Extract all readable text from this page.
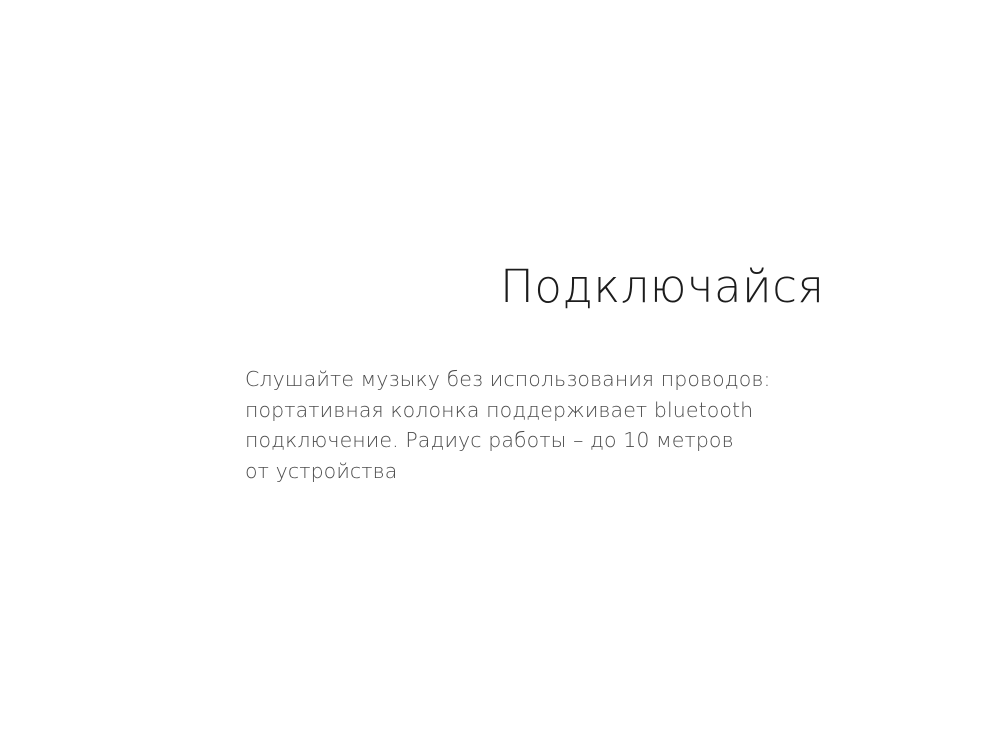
Подключайся
Слушайте музыку без использования проводов:
портативная колонка поддерживает bluetooth
подключение. Радиус работы – до 10 метров
от устройства
